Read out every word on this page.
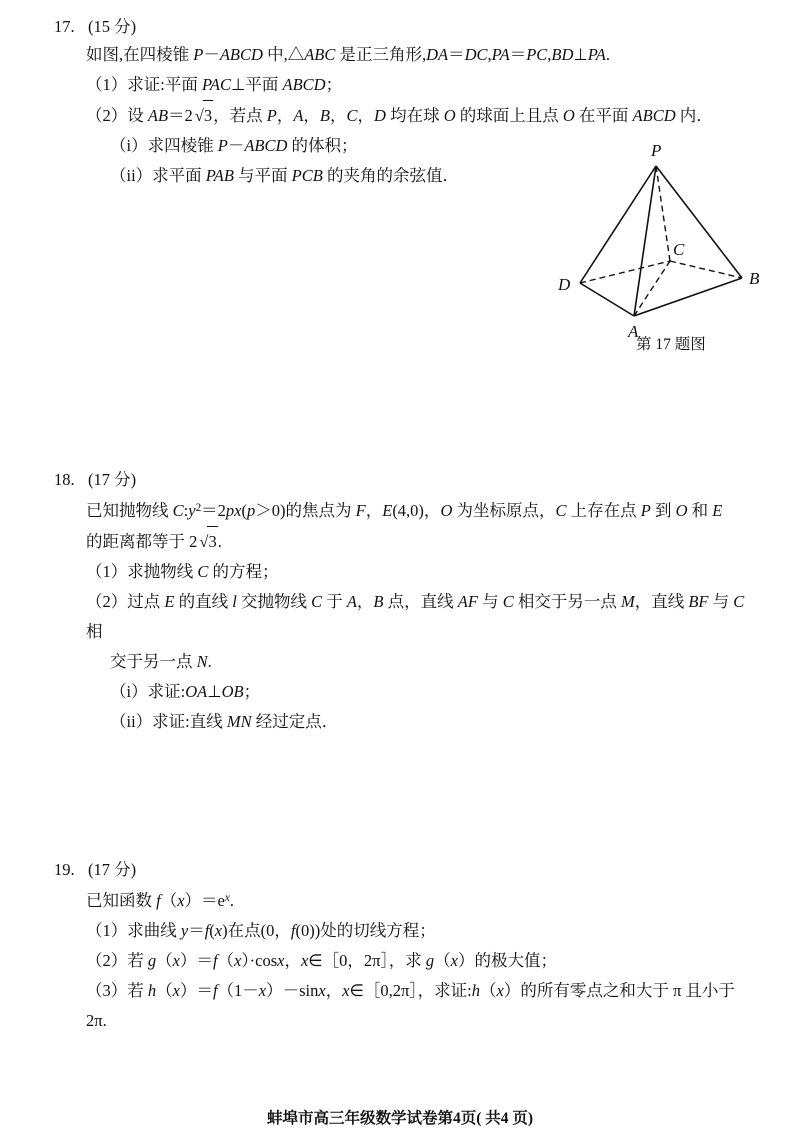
17. (15 分)
如图,在四棱锥 P－ABCD 中,△ABC 是正三角形,DA＝DC,PA＝PC,BD⊥PA.
（1）求证:平面 PAC⊥平面 ABCD；
（2）设 AB＝2 √3，若点 P，A，B，C，D 均在球 O 的球面上且点 O 在平面 ABCD 内．
（i）求四棱锥 P－ABCD 的体积；
（ii）求平面 PAB 与平面 PCB 的夹角的余弦值．
P
C
D	B
A
第 17 题图
18. (17 分)
已知抛物线 $C:y^2=2px(p>0)$的焦点为 F，E(4,0)，O 为坐标原点，C 上存在点 P 到 O 和 E
的距离都等于 2 √3.
（1）求抛物线 C 的方程；
（2）过点 E 的直线 l 交抛物线 C 于 A，B 点，直线 AF 与 C 相交于另一点 M，直线 BF 与 C 相
交于另一点 N.
（i）求证:OA⊥OB；
（ii）求证:直线 MN 经过定点．
19. (17 分)
已知函数 $f(x)=e^x$.
（1）求曲线 y＝f(x)在点(0，f(0))处的切线方程；
（2）若 g（x）＝f（x）·cosx，x∈［0，2π］，求 g（x）的极大值；
（3）若 h（x）＝f（1－x）－sinx，x∈［0,2π］，求证:h（x）的所有零点之和大于 π 且小于 2π.
蚌埠市高三年级数学试卷第4页( 共4 页)
